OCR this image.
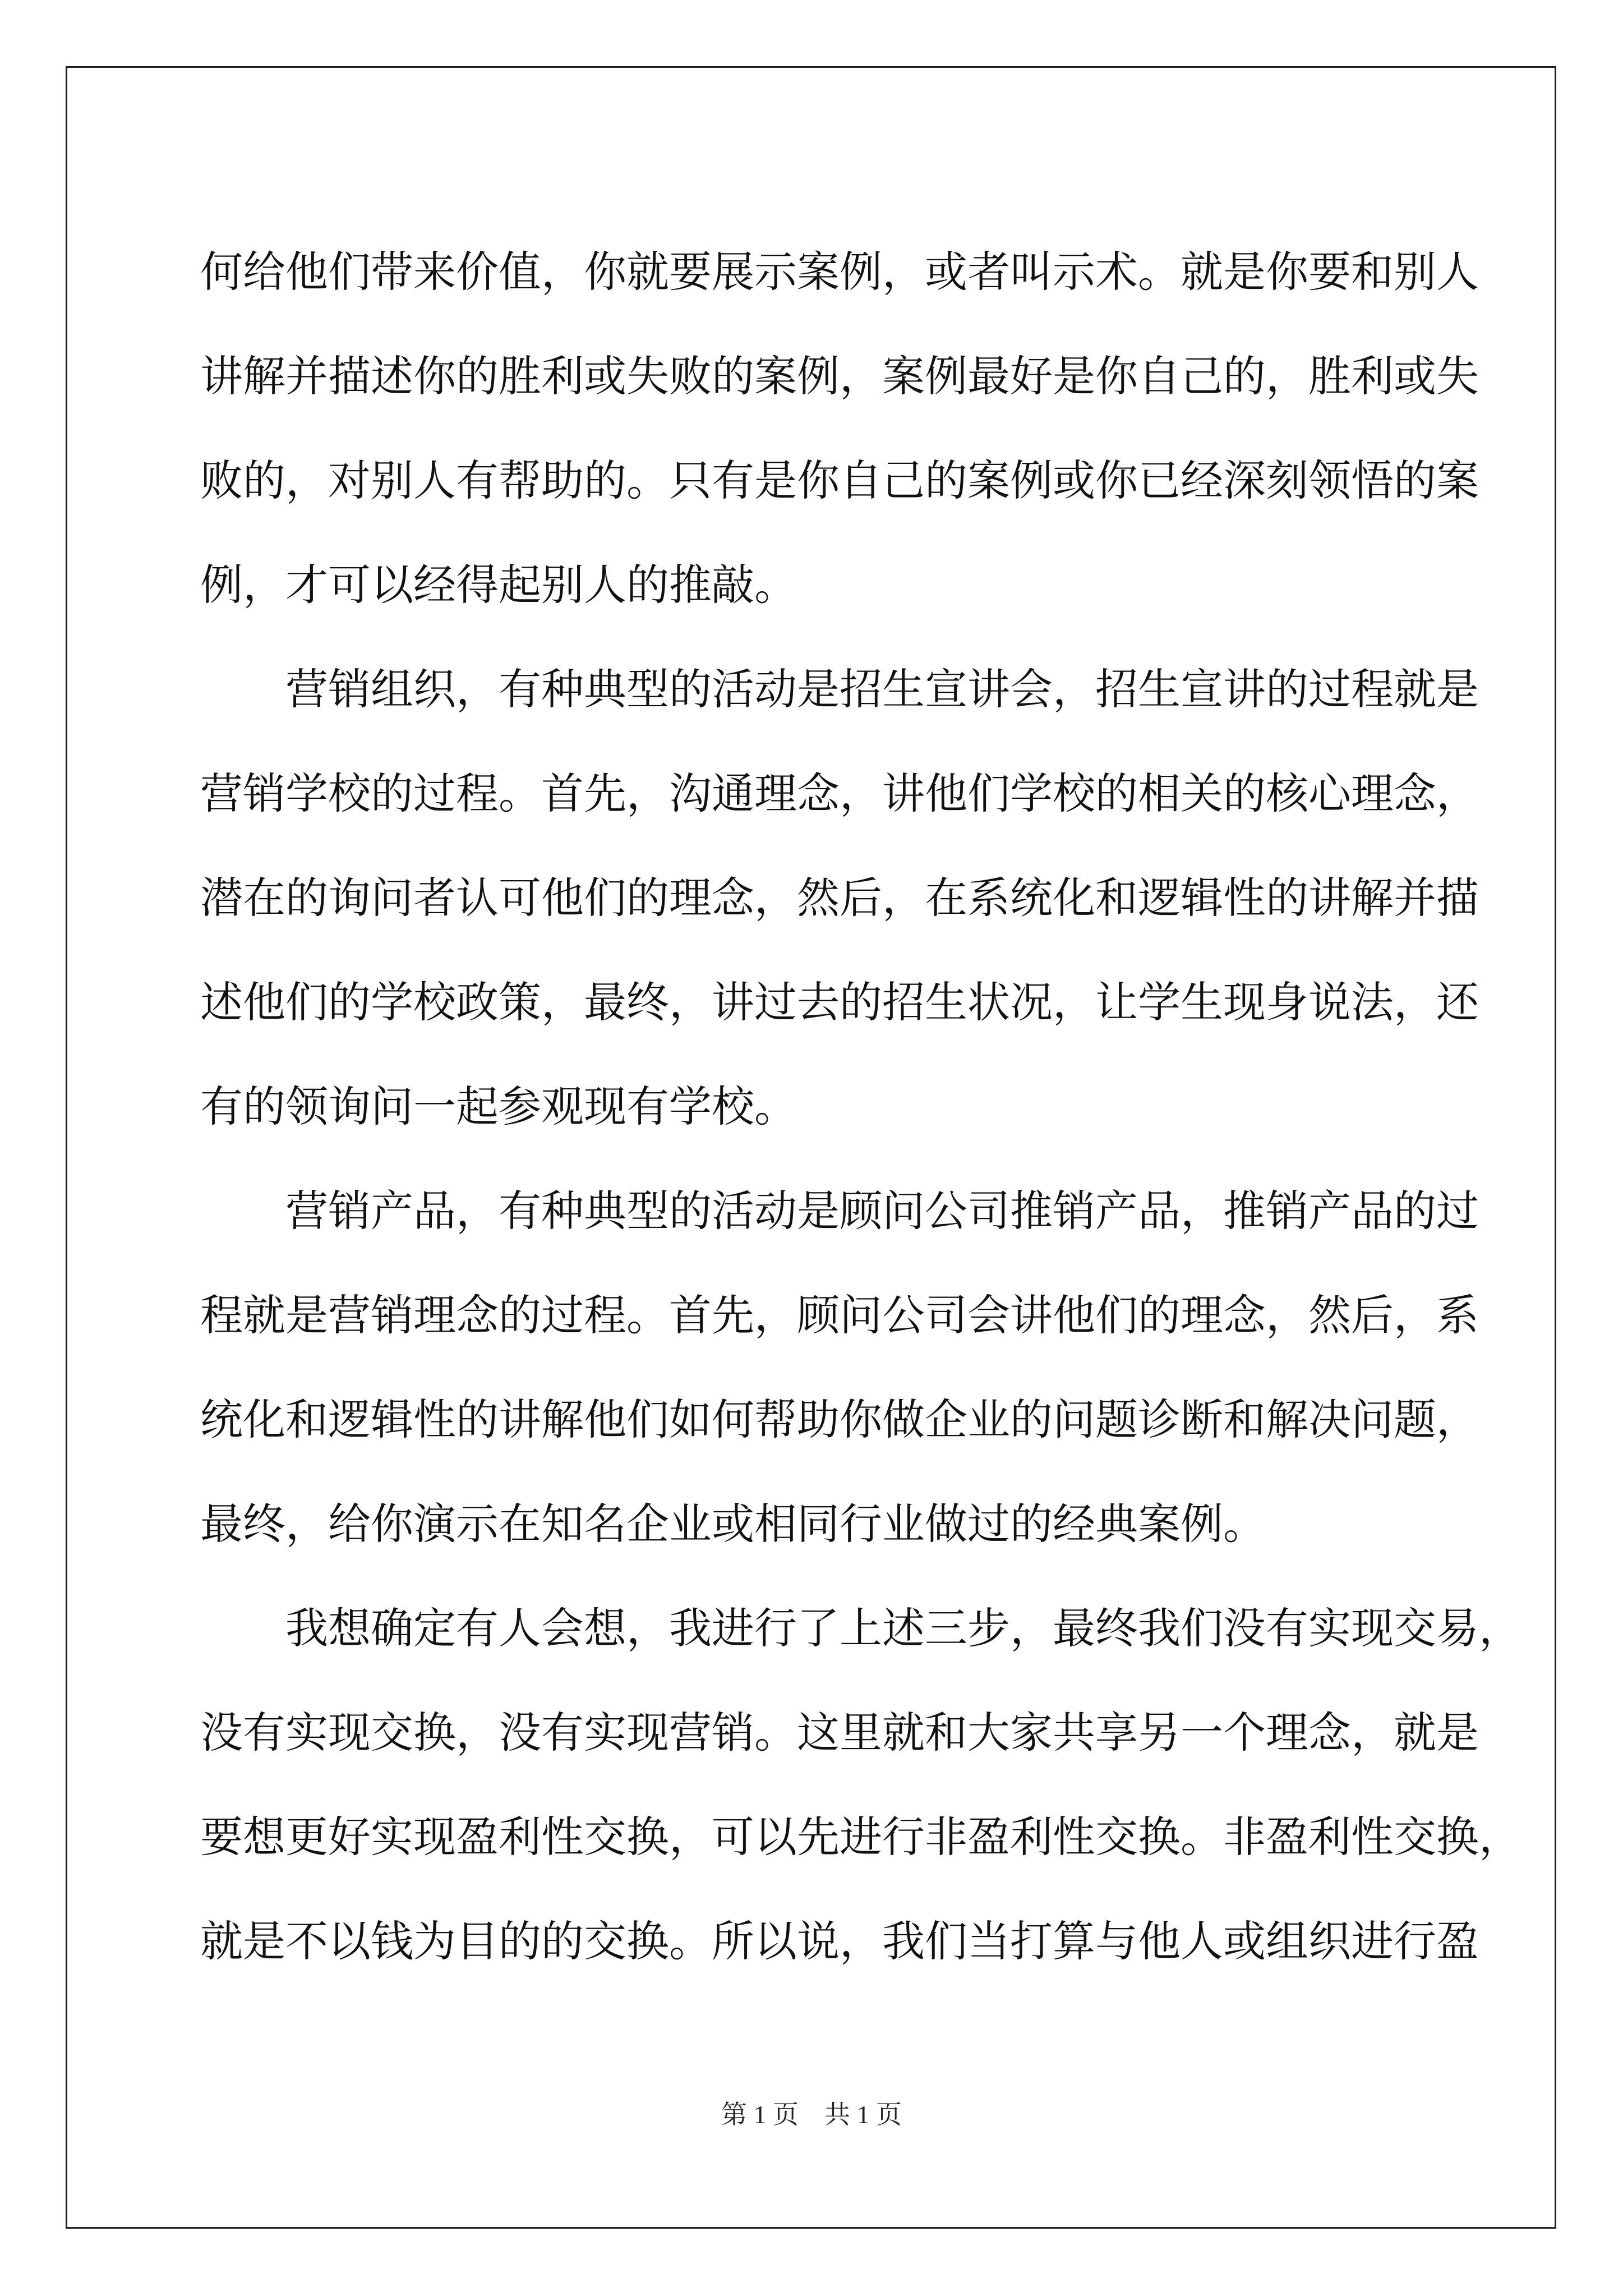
何给他们带来价值，你就要展示案例，或者叫示术。就是你要和别人
讲解并描述你的胜利或失败的案例，案例最好是你自己的，胜利或失
败的，对别人有帮助的。只有是你自己的案例或你已经深刻领悟的案
例，才可以经得起别人的推敲。
营销组织，有种典型的活动是招生宣讲会，招生宣讲的过程就是
营销学校的过程。首先，沟通理念，讲他们学校的相关的核心理念，
潜在的询问者认可他们的理念，然后，在系统化和逻辑性的讲解并描
述他们的学校政策，最终，讲过去的招生状况，让学生现身说法，还
有的领询问一起参观现有学校。
营销产品，有种典型的活动是顾问公司推销产品，推销产品的过
程就是营销理念的过程。首先，顾问公司会讲他们的理念，然后，系
统化和逻辑性的讲解他们如何帮助你做企业的问题诊断和解决问题，
最终，给你演示在知名企业或相同行业做过的经典案例。
我想确定有人会想，我进行了上述三步，最终我们没有实现交易，
没有实现交换，没有实现营销。这里就和大家共享另一个理念，就是
要想更好实现盈利性交换，可以先进行非盈利性交换。非盈利性交换，
就是不以钱为目的的交换。所以说，我们当打算与他人或组织进行盈
第 1 页　共 1 页
